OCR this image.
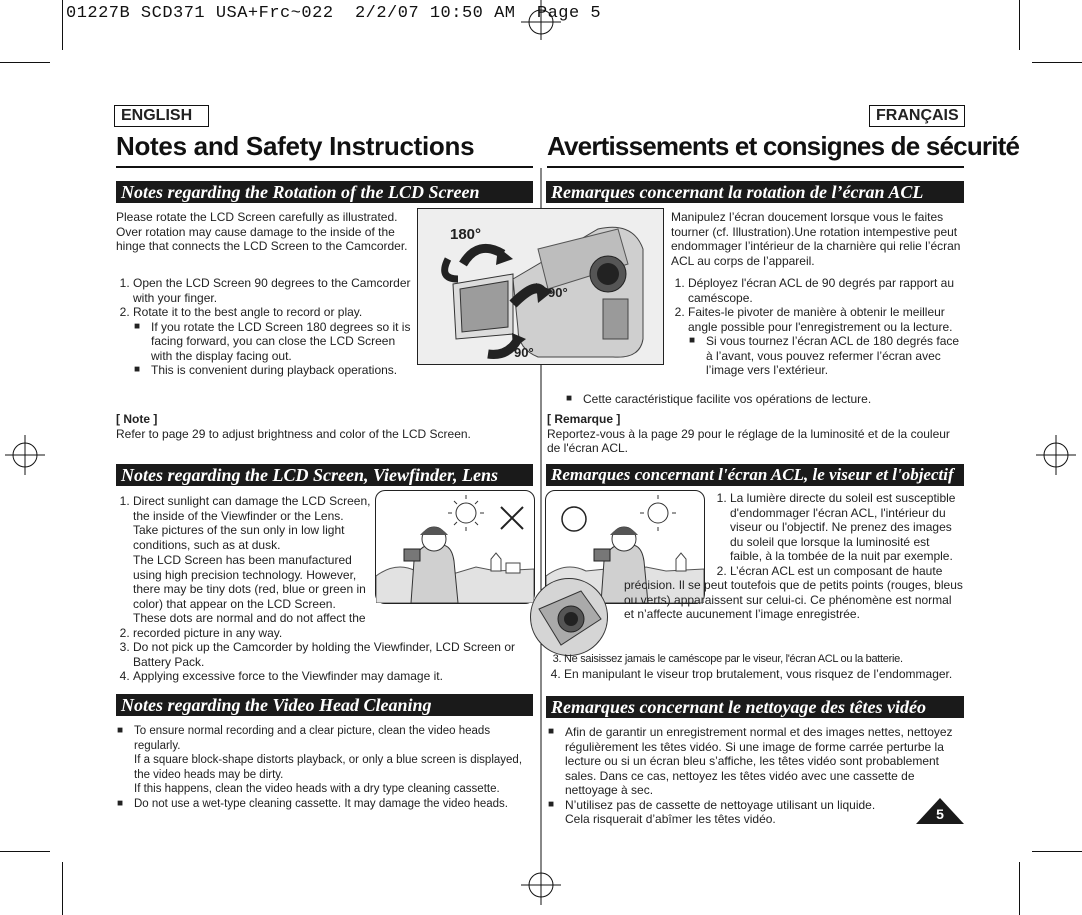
01227B SCD371 USA+Frc~022  2/2/07 10:50 AM  Page 5
ENGLISH	FRANÇAIS
Notes and Safety Instructions	Avertissements et consignes de sécurité
Notes regarding the Rotation of the LCD Screen	Remarques concernant la rotation de l’écran ACL

Please rotate the LCD Screen carefully as illustrated. Over rotation may cause damage to the inside of the hinge that connects the LCD Screen to the Camcorder.

1. Open the LCD Screen 90 degrees to the Camcorder with your finger.
2. Rotate it to the best angle to record or play.
■ If you rotate the LCD Screen 180 degrees so it is facing forward, you can close the LCD Screen with the display facing out.
■ This is convenient during playback operations.
180°
90°
90°

Manipulez l’écran doucement lorsque vous le faites tourner (cf. Illustration).Une rotation intempestive peut endommager l’intérieur de la charnière qui relie l’écran ACL au corps de l’appareil.

1. Déployez l'écran ACL de 90 degrés par rapport au caméscope.
2. Faites-le pivoter de manière à obtenir le meilleur angle possible pour l'enregistrement ou la lecture.
■ Si vous tournez l’écran ACL de 180 degrés face à l’avant, vous pouvez refermer l’écran avec l’image vers l’extérieur.
■ Cette caractéristique facilite vos opérations de lecture.

[ Note ]

Refer to page 29 to adjust brightness and color of the LCD Screen.

[ Remarque ]

Reportez-vous à la page 29 pour le réglage de la luminosité et de la couleur de l'écran ACL.

Notes regarding the LCD Screen, Viewfinder, Lens	Remarques concernant l'écran ACL, le viseur et l'objectif
1. Direct sunlight can damage the LCD Screen, the inside of the Viewfinder or the Lens. Take pictures of the sun only in low light conditions, such as at dusk.
2. The LCD Screen has been manufactured using high precision technology. However, there may be tiny dots (red, blue or green in color) that appear on the LCD Screen. These dots are normal and do not affect the recorded picture in any way.
3. Do not pick up the Camcorder by holding the Viewfinder, LCD Screen or Battery Pack.
4. Applying excessive force to the Viewfinder may damage it.
1. La lumière directe du soleil est susceptible d'endommager l'écran ACL, l'intérieur du viseur ou l'objectif. Ne prenez des images du soleil que lorsque la luminosité est faible, à la tombée de la nuit par exemple.
2. L’écran ACL est un composant de haute précision. Il se peut toutefois que de petits points (rouges, bleus ou verts) apparaissent sur celui-ci. Ce phénomène est normal et n’affecte aucunement l’image enregistrée.
3. Ne saisissez jamais le caméscope par le viseur, l'écran ACL ou la batterie.
4. En manipulant le viseur trop brutalement, vous risquez de l’endommager.
Notes regarding the Video Head Cleaning	Remarques concernant le nettoyage des têtes vidéo
■ To ensure normal recording and a clear picture, clean the video heads regularly.
If a square block-shape distorts playback, or only a blue screen is displayed, the video heads may be dirty.
If this happens, clean the video heads with a dry type cleaning cassette.
■ Do not use a wet-type cleaning cassette. It may damage the video heads.
■ Afin de garantir un enregistrement normal et des images nettes, nettoyez régulièrement les têtes vidéo. Si une image de forme carrée perturbe la lecture ou si un écran bleu s’affiche, les têtes vidéo sont probablement sales. Dans ce cas, nettoyez les têtes vidéo avec une cassette de nettoyage à sec.
■ N’utilisez pas de cassette de nettoyage utilisant un liquide.
Cela risquerait d’abîmer les têtes vidéo.	5
